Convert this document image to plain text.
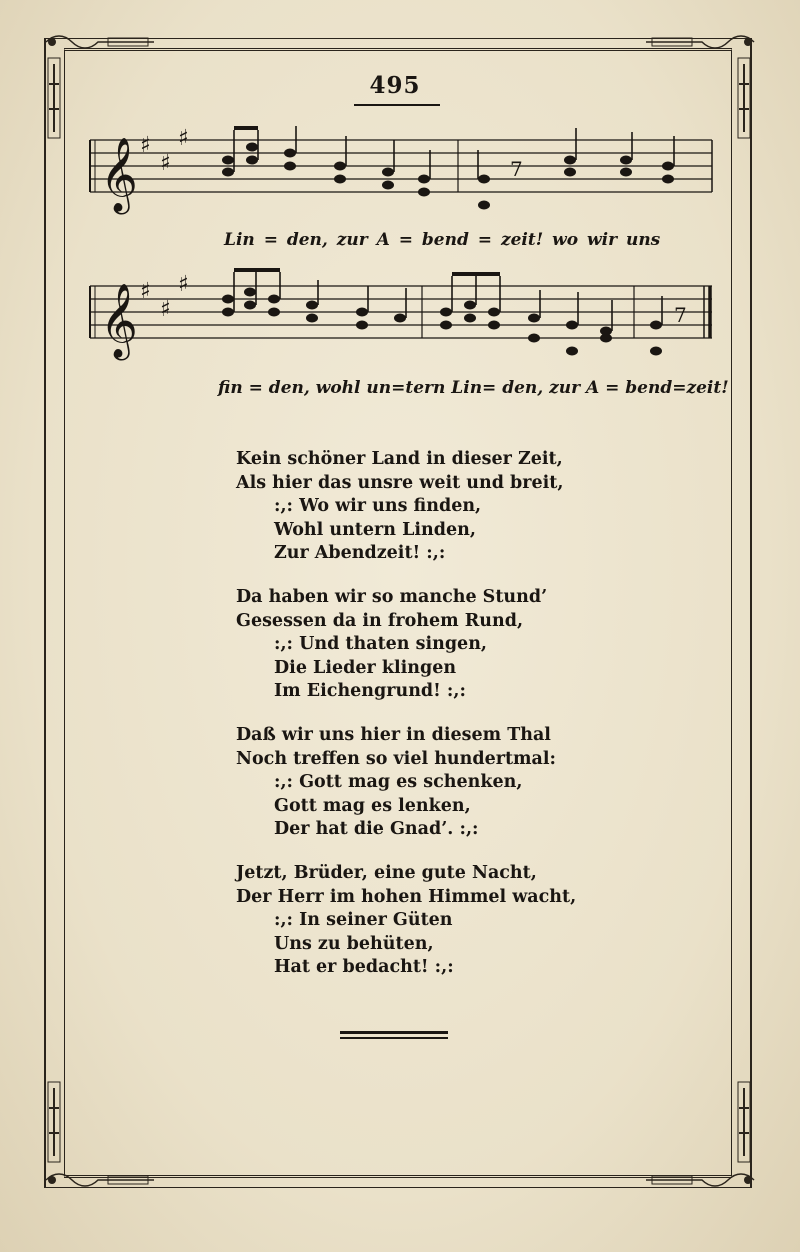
495
𝄞 ♯
♯
♯
7
𝄞 ♯
♯
♯
7
Lin = den, zur A = bend = zeit! wo wir uns
fin = den, wohl un=tern Lin= den, zur A = bend=zeit!
Kein schöner Land in dieser Zeit,
Als hier das unsre weit und breit,
:,: Wo wir uns finden,
Wohl untern Linden,
Zur Abendzeit! :,:
Da haben wir so manche Stund’
Gesessen da in frohem Rund,
:,: Und thaten singen,
Die Lieder klingen
Im Eichengrund! :,:
Daß wir uns hier in diesem Thal
Noch treffen so viel hundertmal:
:,: Gott mag es schenken,
Gott mag es lenken,
Der hat die Gnad’. :,:
Jetzt, Brüder, eine gute Nacht,
Der Herr im hohen Himmel wacht,
:,: In seiner Güten
Uns zu behüten,
Hat er bedacht! :,:
